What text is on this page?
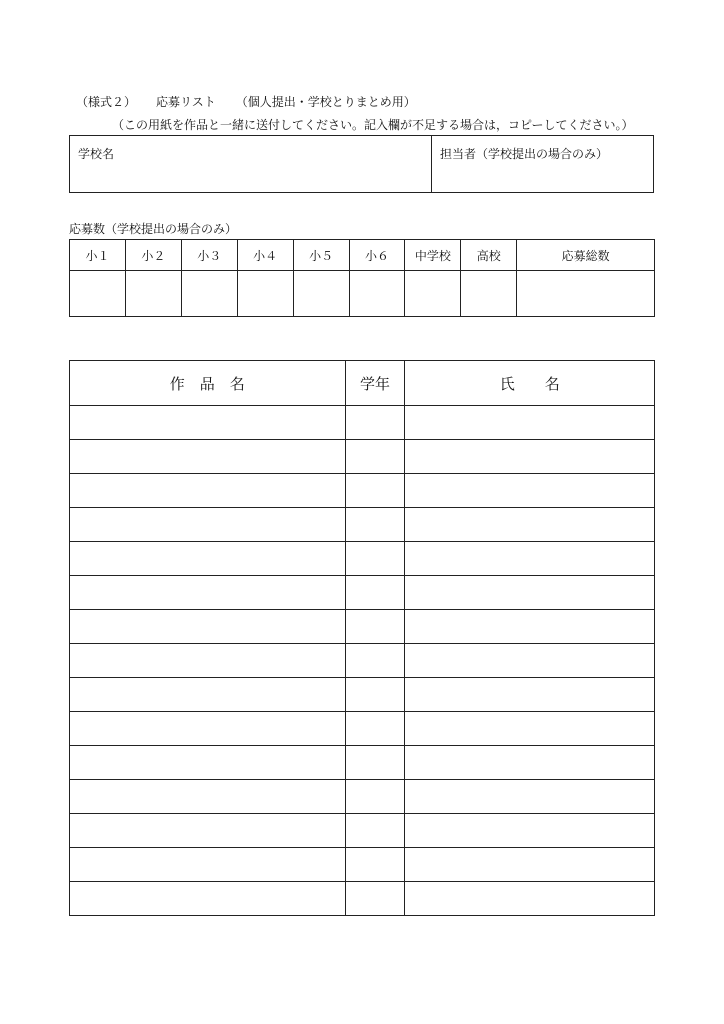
（様式２） 応募リスト （個人提出・学校とりまとめ用）
（この用紙を作品と一緒に送付してください。記入欄が不足する場合は，コピーしてください。）
学校名	担当者（学校提出の場合のみ）
応募数（学校提出の場合のみ）
小１	小２	小３	小４	小５	小６	中学校	高校	応募総数

作　品　名	学年	氏　　名
